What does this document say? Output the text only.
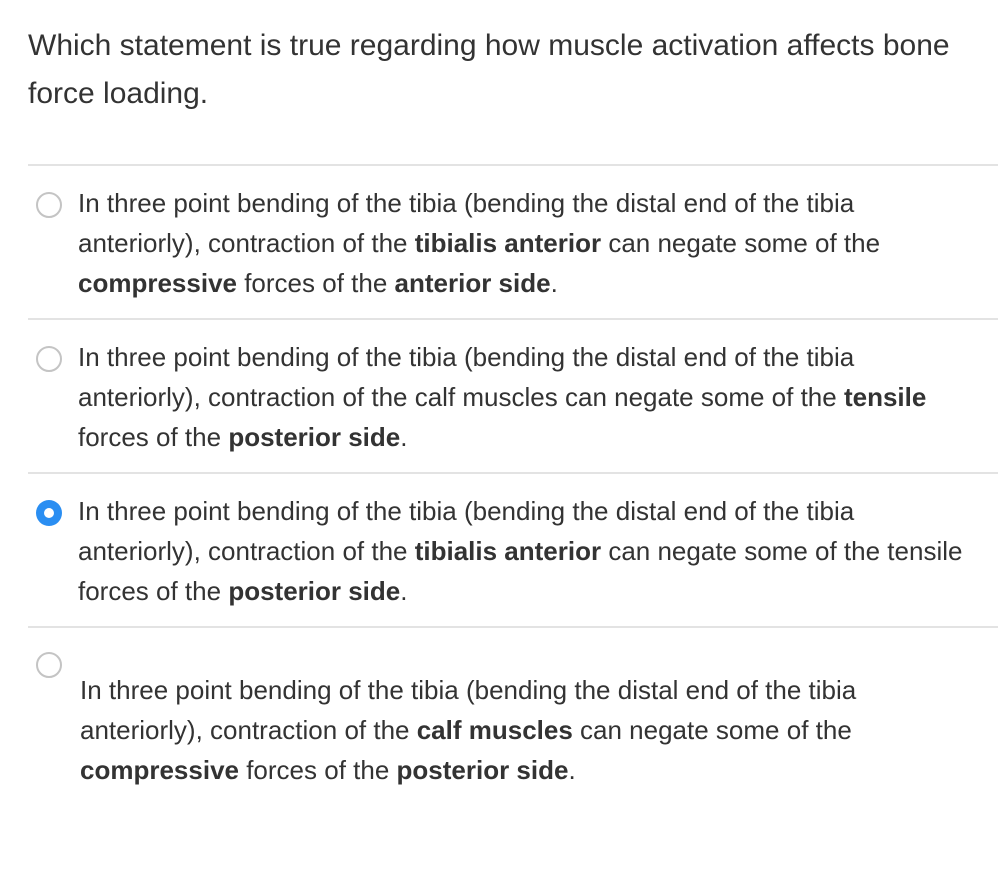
Which statement is true regarding how muscle activation affects bone force loading.
In three point bending of the tibia (bending the distal end of the tibia anteriorly), contraction of the tibialis anterior can negate some of the compressive forces of the anterior side.
In three point bending of the tibia (bending the distal end of the tibia anteriorly), contraction of the calf muscles can negate some of the tensile forces of the posterior side.
In three point bending of the tibia (bending the distal end of the tibia anteriorly), contraction of the tibialis anterior can negate some of the tensile forces of the posterior side.
In three point bending of the tibia (bending the distal end of the tibia anteriorly), contraction of the calf muscles can negate some of the compressive forces of the posterior side.
